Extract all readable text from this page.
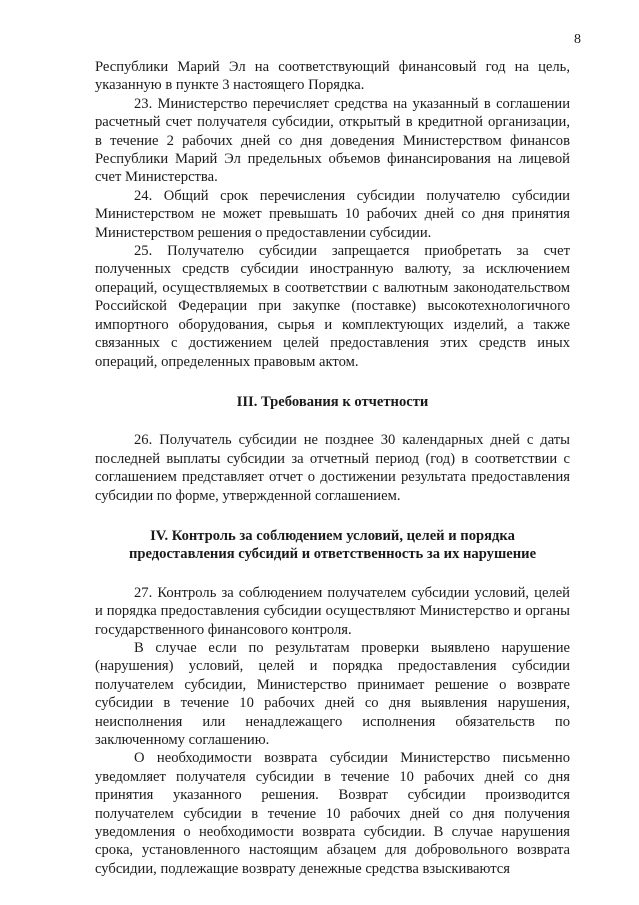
8

Республики Марий Эл на соответствующий финансовый год на цель, указанную в пункте 3 настоящего Порядка.

23. Министерство перечисляет средства на указанный в соглашении расчетный счет получателя субсидии, открытый в кредитной организации, в течение 2 рабочих дней со дня доведения Министерством финансов Республики Марий Эл предельных объемов финансирования на лицевой счет Министерства.

24. Общий срок перечисления субсидии получателю субсидии Министерством не может превышать 10 рабочих дней со дня принятия Министерством решения о предоставлении субсидии.

25. Получателю субсидии запрещается приобретать за счет полученных средств субсидии иностранную валюту, за исключением операций, осуществляемых в соответствии с валютным законодательством Российской Федерации при закупке (поставке) высокотехнологичного импортного оборудования, сырья и комплектующих изделий, а также связанных с достижением целей предоставления этих средств иных операций, определенных правовым актом.

III. Требования к отчетности

26. Получатель субсидии не позднее 30 календарных дней с даты последней выплаты субсидии за отчетный период (год) в соответствии с соглашением представляет отчет о достижении результата предоставления субсидии по форме, утвержденной соглашением.

IV. Контроль за соблюдением условий, целей и порядка
предоставления субсидий и ответственность за их нарушение

27. Контроль за соблюдением получателем субсидии условий, целей и порядка предоставления субсидии осуществляют Министерство и органы государственного финансового контроля.

В случае если по результатам проверки выявлено нарушение (нарушения) условий, целей и порядка предоставления субсидии получателем субсидии, Министерство принимает решение о возврате субсидии в течение 10 рабочих дней со дня выявления нарушения, неисполнения или ненадлежащего исполнения обязательств по заключенному соглашению.

О необходимости возврата субсидии Министерство письменно уведомляет получателя субсидии в течение 10 рабочих дней со дня принятия указанного решения. Возврат субсидии производится получателем субсидии в течение 10 рабочих дней со дня получения уведомления о необходимости возврата субсидии. В случае нарушения срока, установленного настоящим абзацем для добровольного возврата субсидии, подлежащие возврату денежные средства взыскиваются
